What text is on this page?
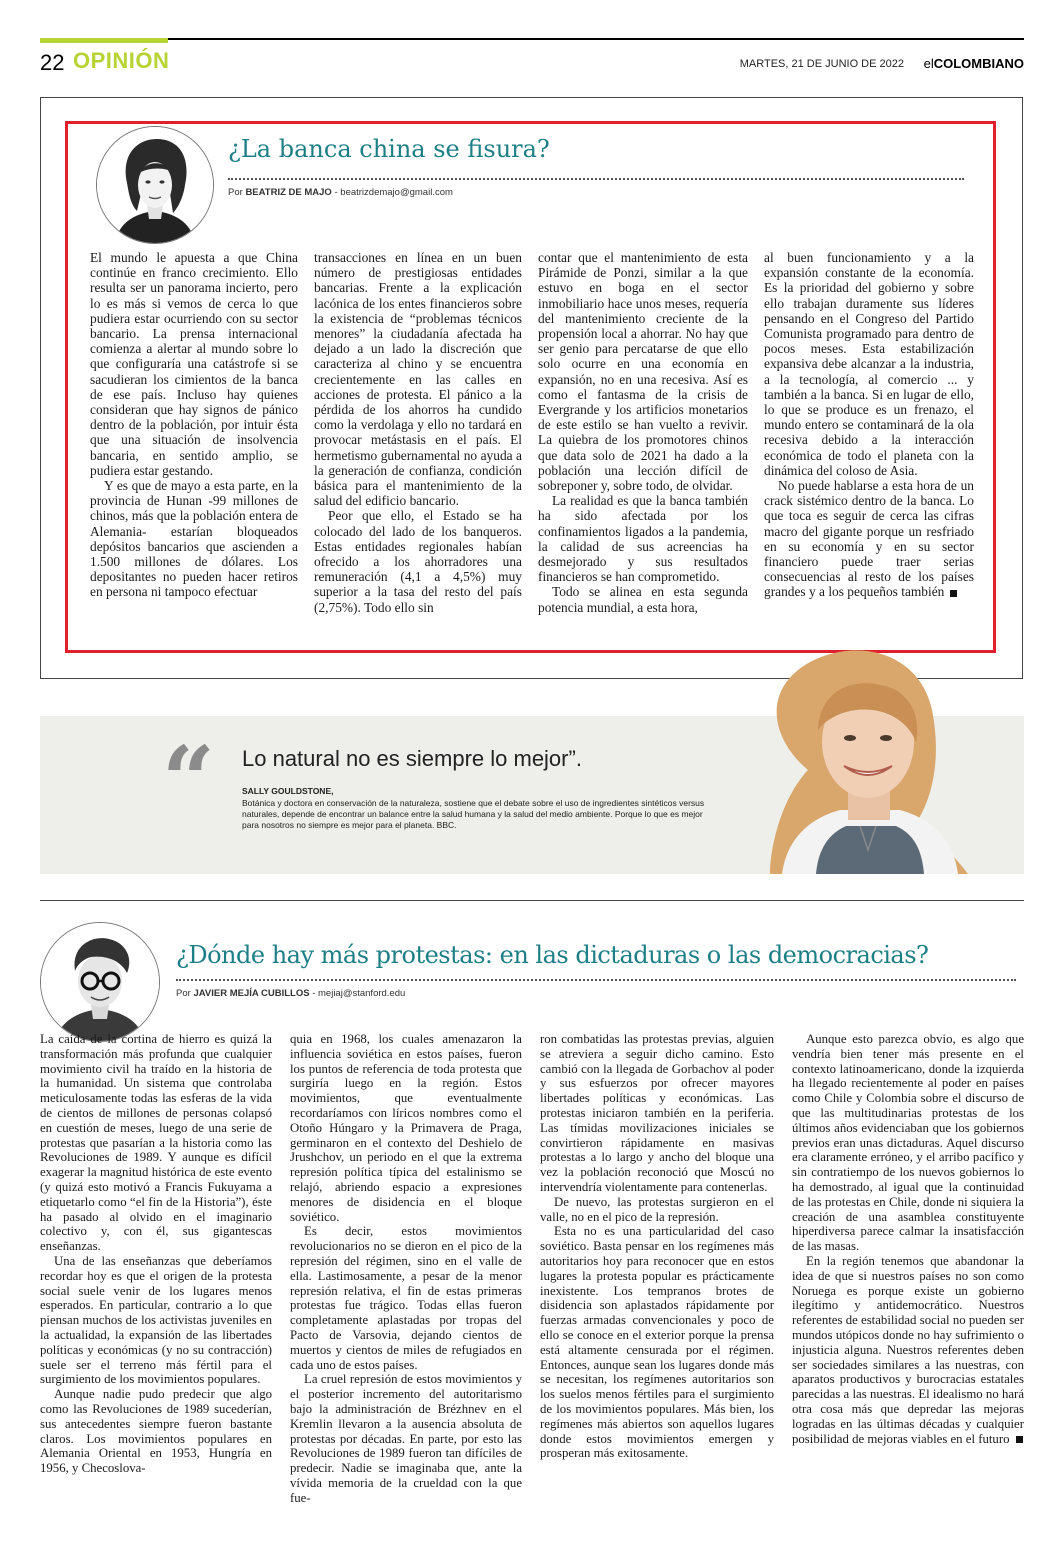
22 OPINIÓN	MARTES, 21 DE JUNIO DE 2022 elCOLOMBIANO
¿La banca china se fisura?
Por BEATRIZ DE MAJO - beatrizdemajo@gmail.com

El mundo le apuesta a que China continúe en franco crecimiento. Ello resulta ser un panorama incierto, pero lo es más si vemos de cerca lo que pudiera estar ocurriendo con su sector bancario. La prensa internacional comienza a alertar al mundo sobre lo que configuraría una catástrofe si se sacudieran los cimientos de la banca de ese país. Incluso hay quienes consideran que hay signos de pánico dentro de la población, por intuir ésta que una situación de insolvencia bancaria, en sentido amplio, se pudiera estar gestando.

Y es que de mayo a esta parte, en la provincia de Hunan -99 millones de chinos, más que la población entera de Alemania- estarían bloqueados depósitos bancarios que ascienden a 1.500 millones de dólares. Los depositantes no pueden hacer retiros en persona ni tampoco efectuar

transacciones en línea en un buen número de prestigiosas entidades bancarias. Frente a la explicación lacónica de los entes financieros sobre la existencia de “problemas técnicos menores” la ciudadanía afectada ha dejado a un lado la discreción que caracteriza al chino y se encuentra crecientemente en las calles en acciones de protesta. El pánico a la pérdida de los ahorros ha cundido como la verdolaga y ello no tardará en provocar metástasis en el país. El hermetismo gubernamental no ayuda a la generación de confianza, condición básica para el mantenimiento de la salud del edificio bancario.

Peor que ello, el Estado se ha colocado del lado de los banqueros. Estas entidades regionales habían ofrecido a los ahorradores una remuneración (4,1 a 4,5%) muy superior a la tasa del resto del país (2,75%). Todo ello sin

contar que el mantenimiento de esta Pirámide de Ponzi, similar a la que estuvo en boga en el sector inmobiliario hace unos meses, requería del mantenimiento creciente de la propensión local a ahorrar. No hay que ser genio para percatarse de que ello solo ocurre en una economía en expansión, no en una recesiva. Así es como el fantasma de la crisis de Evergrande y los artificios monetarios de este estilo se han vuelto a revivir. La quiebra de los promotores chinos que data solo de 2021 ha dado a la población una lección difícil de sobreponer y, sobre todo, de olvidar.

La realidad es que la banca también ha sido afectada por los confinamientos ligados a la pandemia, la calidad de sus acreencias ha desmejorado y sus resultados financieros se han comprometido.

Todo se alinea en esta segunda potencia mundial, a esta hora,

al buen funcionamiento y a la expansión constante de la economía. Es la prioridad del gobierno y sobre ello trabajan duramente sus líderes pensando en el Congreso del Partido Comunista programado para dentro de pocos meses. Esta estabilización expansiva debe alcanzar a la industria, a la tecnología, al comercio ... y también a la banca. Si en lugar de ello, lo que se produce es un frenazo, el mundo entero se contaminará de la ola recesiva debido a la interacción económica de todo el planeta con la dinámica del coloso de Asia.

No puede hablarse a esta hora de un crack sistémico dentro de la banca. Lo que toca es seguir de cerca las cifras macro del gigante porque un resfriado en su economía y en su sector financiero puede traer serias consecuencias al resto de los países grandes y a los pequeños también

“ Lo natural no es siempre lo mejor”.
SALLY GOULDSTONE,
Botánica y doctora en conservación de la naturaleza, sostiene que el debate sobre el uso de ingredientes sintéticos versus naturales, depende de encontrar un balance entre la salud humana y la salud del medio ambiente. Porque lo que es mejor para nosotros no siempre es mejor para el planeta. BBC.
¿Dónde hay más protestas: en las dictaduras o las democracias?
Por JAVIER MEJÍA CUBILLOS - mejiaj@stanford.edu

La caída de la cortina de hierro es quizá la transformación más profunda que cualquier movimiento civil ha traído en la historia de la humanidad. Un sistema que controlaba meticulosamente todas las esferas de la vida de cientos de millones de personas colapsó en cuestión de meses, luego de una serie de protestas que pasarían a la historia como las Revoluciones de 1989. Y aunque es difícil exagerar la magnitud histórica de este evento (y quizá esto motivó a Francis Fukuyama a etiquetarlo como “el fin de la Historia”), éste ha pasado al olvido en el imaginario colectivo y, con él, sus gigantescas enseñanzas.

Una de las enseñanzas que deberíamos recordar hoy es que el origen de la protesta social suele venir de los lugares menos esperados. En particular, contrario a lo que piensan muchos de los activistas juveniles en la actualidad, la expansión de las libertades políticas y económicas (y no su contracción) suele ser el terreno más fértil para el surgimiento de los movimientos populares.

Aunque nadie pudo predecir que algo como las Revoluciones de 1989 sucederían, sus antecedentes siempre fueron bastante claros. Los movimientos populares en Alemania Oriental en 1953, Hungría en 1956, y Checoslova-

quia en 1968, los cuales amenazaron la influencia soviética en estos países, fueron los puntos de referencia de toda protesta que surgiría luego en la región. Estos movimientos, que eventualmente recordaríamos con líricos nombres como el Otoño Húngaro y la Primavera de Praga, germinaron en el contexto del Deshielo de Jrushchov, un periodo en el que la extrema represión política típica del estalinismo se relajó, abriendo espacio a expresiones menores de disidencia en el bloque soviético.

Es decir, estos movimientos revolucionarios no se dieron en el pico de la represión del régimen, sino en el valle de ella. Lastimosamente, a pesar de la menor represión relativa, el fin de estas primeras protestas fue trágico. Todas ellas fueron completamente aplastadas por tropas del Pacto de Varsovia, dejando cientos de muertos y cientos de miles de refugiados en cada uno de estos países.

La cruel represión de estos movimientos y el posterior incremento del autoritarismo bajo la administración de Brézhnev en el Kremlin llevaron a la ausencia absoluta de protestas por décadas. En parte, por esto las Revoluciones de 1989 fueron tan difíciles de predecir. Nadie se imaginaba que, ante la vívida memoria de la crueldad con la que fue-

ron combatidas las protestas previas, alguien se atreviera a seguir dicho camino. Esto cambió con la llegada de Gorbachov al poder y sus esfuerzos por ofrecer mayores libertades políticas y económicas. Las protestas iniciaron también en la periferia. Las tímidas movilizaciones iniciales se convirtieron rápidamente en masivas protestas a lo largo y ancho del bloque una vez la población reconoció que Moscú no intervendría violentamente para contenerlas.

De nuevo, las protestas surgieron en el valle, no en el pico de la represión.

Esta no es una particularidad del caso soviético. Basta pensar en los regímenes más autoritarios hoy para reconocer que en estos lugares la protesta popular es prácticamente inexistente. Los tempranos brotes de disidencia son aplastados rápidamente por fuerzas armadas convencionales y poco de ello se conoce en el exterior porque la prensa está altamente censurada por el régimen. Entonces, aunque sean los lugares donde más se necesitan, los regímenes autoritarios son los suelos menos fértiles para el surgimiento de los movimientos populares. Más bien, los regímenes más abiertos son aquellos lugares donde estos movimientos emergen y prosperan más exitosamente.

Aunque esto parezca obvio, es algo que vendría bien tener más presente en el contexto latinoamericano, donde la izquierda ha llegado recientemente al poder en países como Chile y Colombia sobre el discurso de que las multitudinarias protestas de los últimos años evidenciaban que los gobiernos previos eran unas dictaduras. Aquel discurso era claramente erróneo, y el arribo pacífico y sin contratiempo de los nuevos gobiernos lo ha demostrado, al igual que la continuidad de las protestas en Chile, donde ni siquiera la creación de una asamblea constituyente hiperdiversa parece calmar la insatisfacción de las masas.

En la región tenemos que abandonar la idea de que si nuestros países no son como Noruega es porque existe un gobierno ilegítimo y antidemocrático. Nuestros referentes de estabilidad social no pueden ser mundos utópicos donde no hay sufrimiento o injusticia alguna. Nuestros referentes deben ser sociedades similares a las nuestras, con aparatos productivos y burocracias estatales parecidas a las nuestras. El idealismo no hará otra cosa más que depredar las mejoras logradas en las últimas décadas y cualquier posibilidad de mejoras viables en el futuro
